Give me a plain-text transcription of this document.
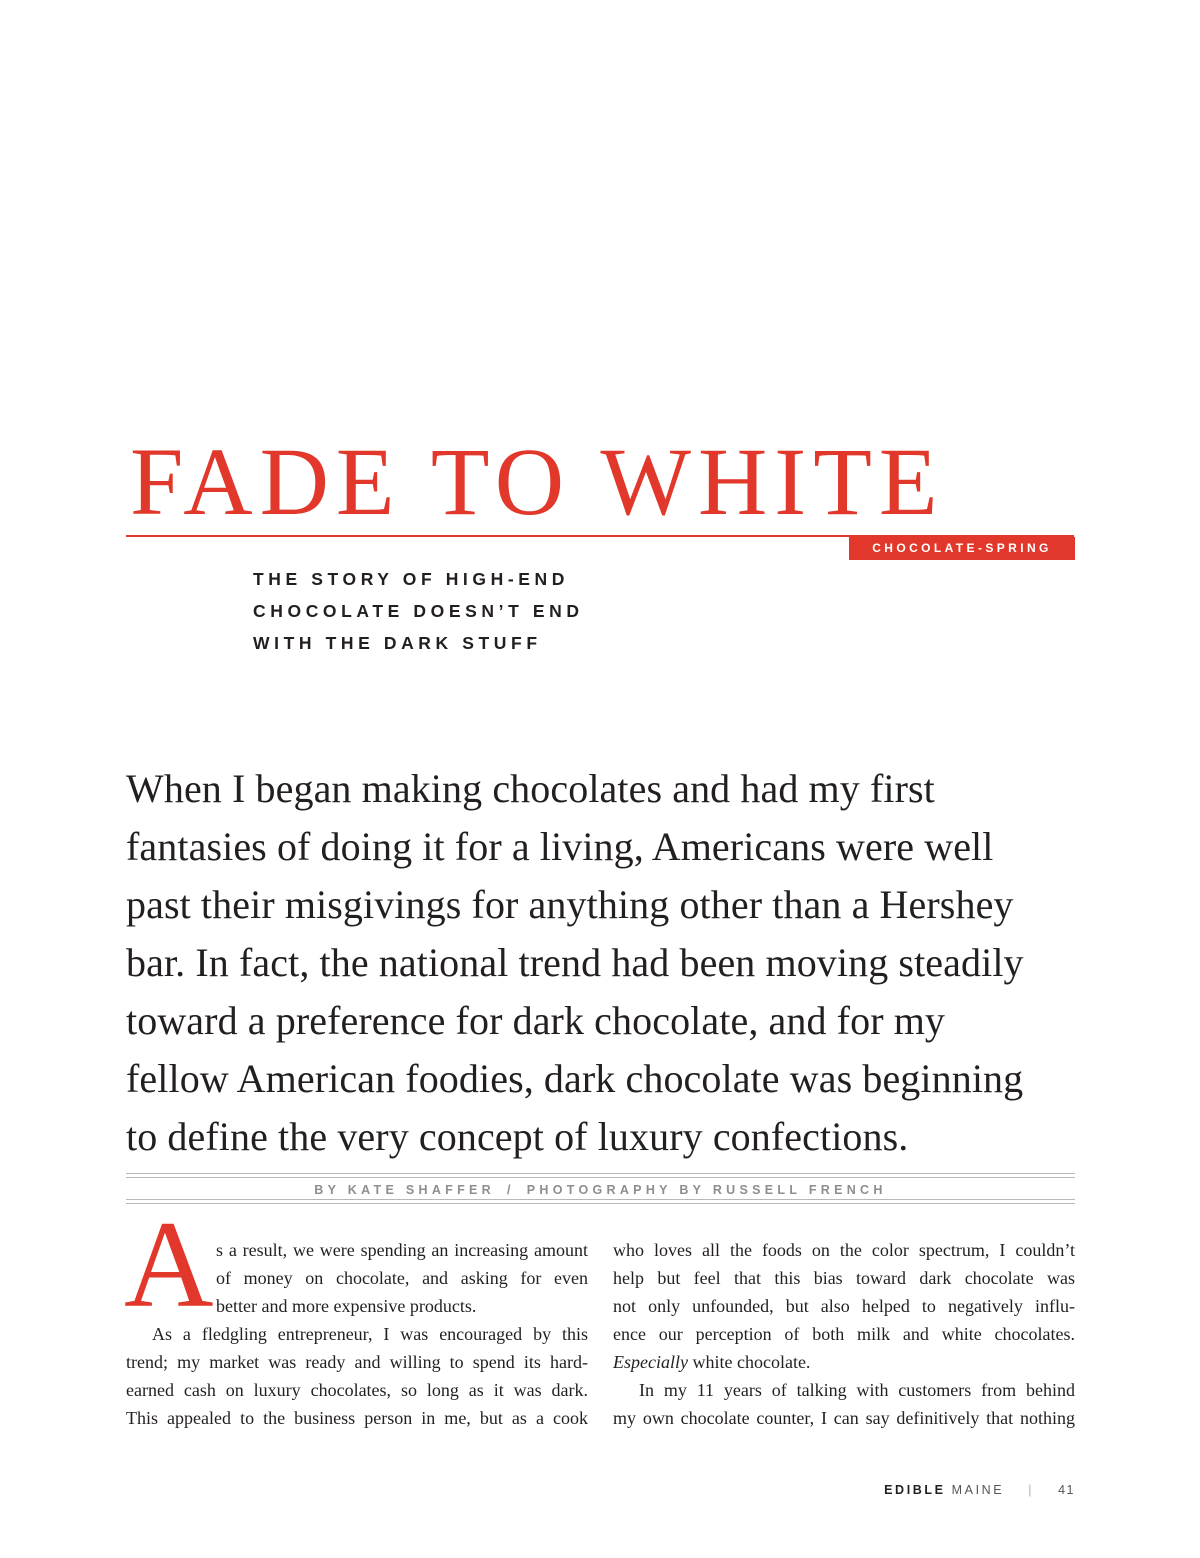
FADE TO WHITE
CHOCOLATE-SPRING
THE STORY OF HIGH-END
CHOCOLATE DOESN’T END
WITH THE DARK STUFF
When I began making chocolates and had my first
fantasies of doing it for a living, Americans were well
past their misgivings for anything other than a Hershey
bar. In fact, the national trend had been moving steadily
toward a preference for dark chocolate, and for my
fellow American foodies, dark chocolate was beginning
to define the very concept of luxury confections.
BY KATE SHAFFER / PHOTOGRAPHY BY RUSSELL FRENCH
A s a result, we were spending an increasing amount
of money on chocolate, and asking for even
better and more expensive products.
As a fledgling entrepreneur, I was encouraged by this
trend; my market was ready and willing to spend its hard-
earned cash on luxury chocolates, so long as it was dark.
This appealed to the business person in me, but as a cook
who loves all the foods on the color spectrum, I couldn’t
help but feel that this bias toward dark chocolate was
not only unfounded, but also helped to negatively influ-
ence our perception of both milk and white chocolates.
Especially white chocolate.
In my 11 years of talking with customers from behind
my own chocolate counter, I can say definitively that nothing
EDIBLE MAINE | 41
